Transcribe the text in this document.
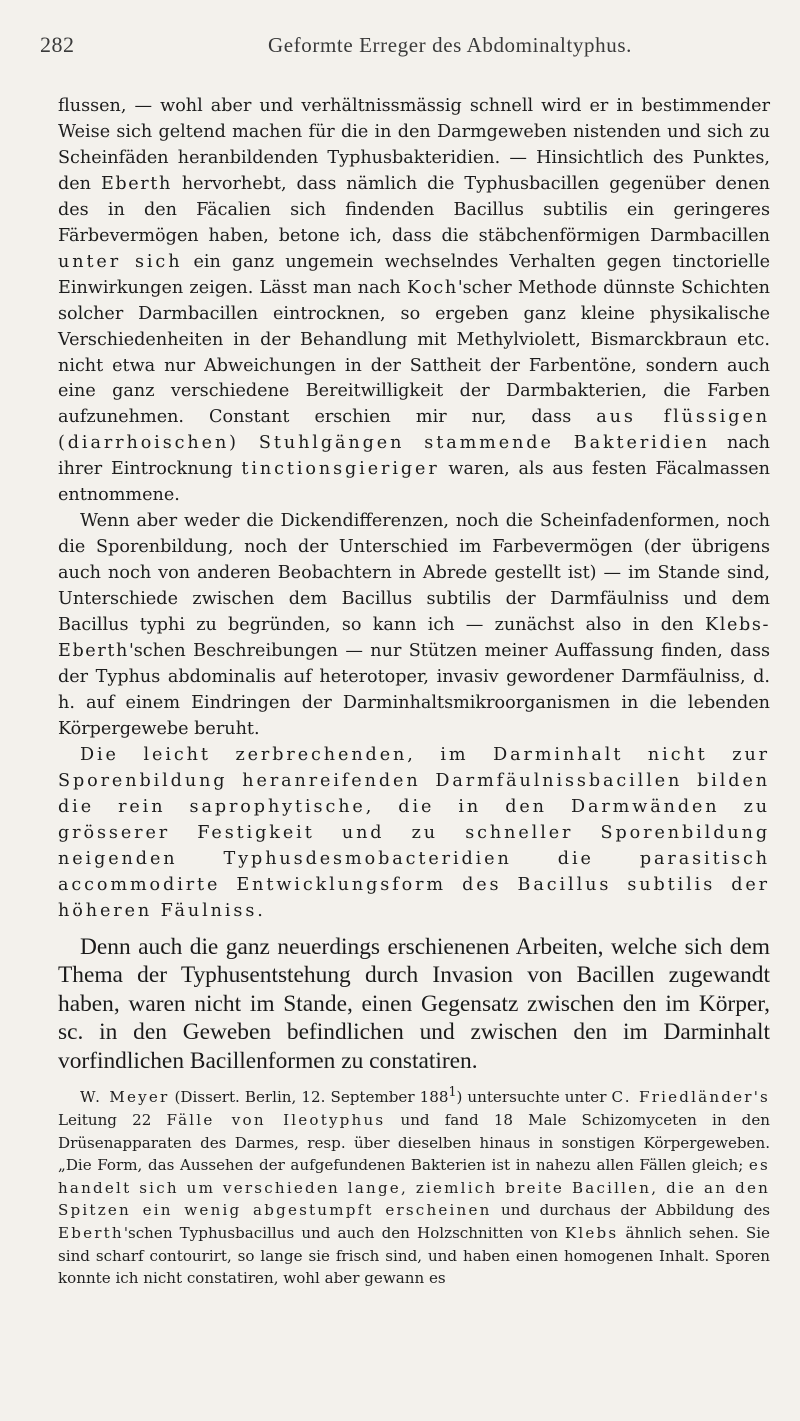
282	Geformte Erreger des Abdominaltyphus.

flussen, — wohl aber und verhältnissmässig schnell wird er in bestimmender Weise sich geltend machen für die in den Darmgeweben nistenden und sich zu Scheinfäden heranbildenden Typhusbakteridien. — Hinsichtlich des Punktes, den Eberth hervorhebt, dass nämlich die Typhusbacillen gegenüber denen des in den Fäcalien sich findenden Bacillus subtilis ein geringeres Färbevermögen haben, betone ich, dass die stäbchenförmigen Darmbacillen unter sich ein ganz ungemein wechselndes Verhalten gegen tinctorielle Einwirkungen zeigen. Lässt man nach Koch'scher Methode dünnste Schichten solcher Darmbacillen eintrocknen, so ergeben ganz kleine physikalische Verschiedenheiten in der Behandlung mit Methylviolett, Bismarckbraun etc. nicht etwa nur Abweichungen in der Sattheit der Farbentöne, sondern auch eine ganz verschiedene Bereitwilligkeit der Darmbakterien, die Farben aufzunehmen. Constant erschien mir nur, dass aus flüssigen (diarrhoischen) Stuhlgängen stammende Bakteridien nach ihrer Eintrocknung tinctionsgieriger waren, als aus festen Fäcalmassen entnommene.

Wenn aber weder die Dickendifferenzen, noch die Scheinfadenformen, noch die Sporenbildung, noch der Unterschied im Farbevermögen (der übrigens auch noch von anderen Beobachtern in Abrede gestellt ist) — im Stande sind, Unterschiede zwischen dem Bacillus subtilis der Darmfäulniss und dem Bacillus typhi zu begründen, so kann ich — zunächst also in den Klebs-Eberth'schen Beschreibungen — nur Stützen meiner Auffassung finden, dass der Typhus abdominalis auf heterotoper, invasiv gewordener Darmfäulniss, d. h. auf einem Eindringen der Darminhaltsmikroorganismen in die lebenden Körpergewebe beruht.

Die leicht zerbrechenden, im Darminhalt nicht zur Sporenbildung heranreifenden Darmfäulnissbacillen bilden die rein saprophytische, die in den Darmwänden zu grösserer Festigkeit und zu schneller Sporenbildung neigenden Typhusdesmobacteridien die parasitisch accommodirte Entwicklungsform des Bacillus subtilis der höheren Fäulniss.

Denn auch die ganz neuerdings erschienenen Arbeiten, welche sich dem Thema der Typhusentstehung durch Invasion von Bacillen zugewandt haben, waren nicht im Stande, einen Gegensatz zwischen den im Körper, sc. in den Geweben befindlichen und zwischen den im Darminhalt vorfindlichen Bacillenformen zu constatiren.

W. Meyer (Dissert. Berlin, 12. September $188^1$) untersuchte unter C. Friedländer's Leitung 22 Fälle von Ileotyphus und fand 18 Male Schizomyceten in den Drüsenapparaten des Darmes, resp. über dieselben hinaus in sonstigen Körpergeweben. „Die Form, das Aussehen der aufgefundenen Bakterien ist in nahezu allen Fällen gleich; es handelt sich um verschieden lange, ziemlich breite Bacillen, die an den Spitzen ein wenig abgestumpft erscheinen und durchaus der Abbildung des Eberth'schen Typhusbacillus und auch den Holzschnitten von Klebs ähnlich sehen. Sie sind scharf contourirt, so lange sie frisch sind, und haben einen homogenen Inhalt. Sporen konnte ich nicht constatiren, wohl aber gewann es
